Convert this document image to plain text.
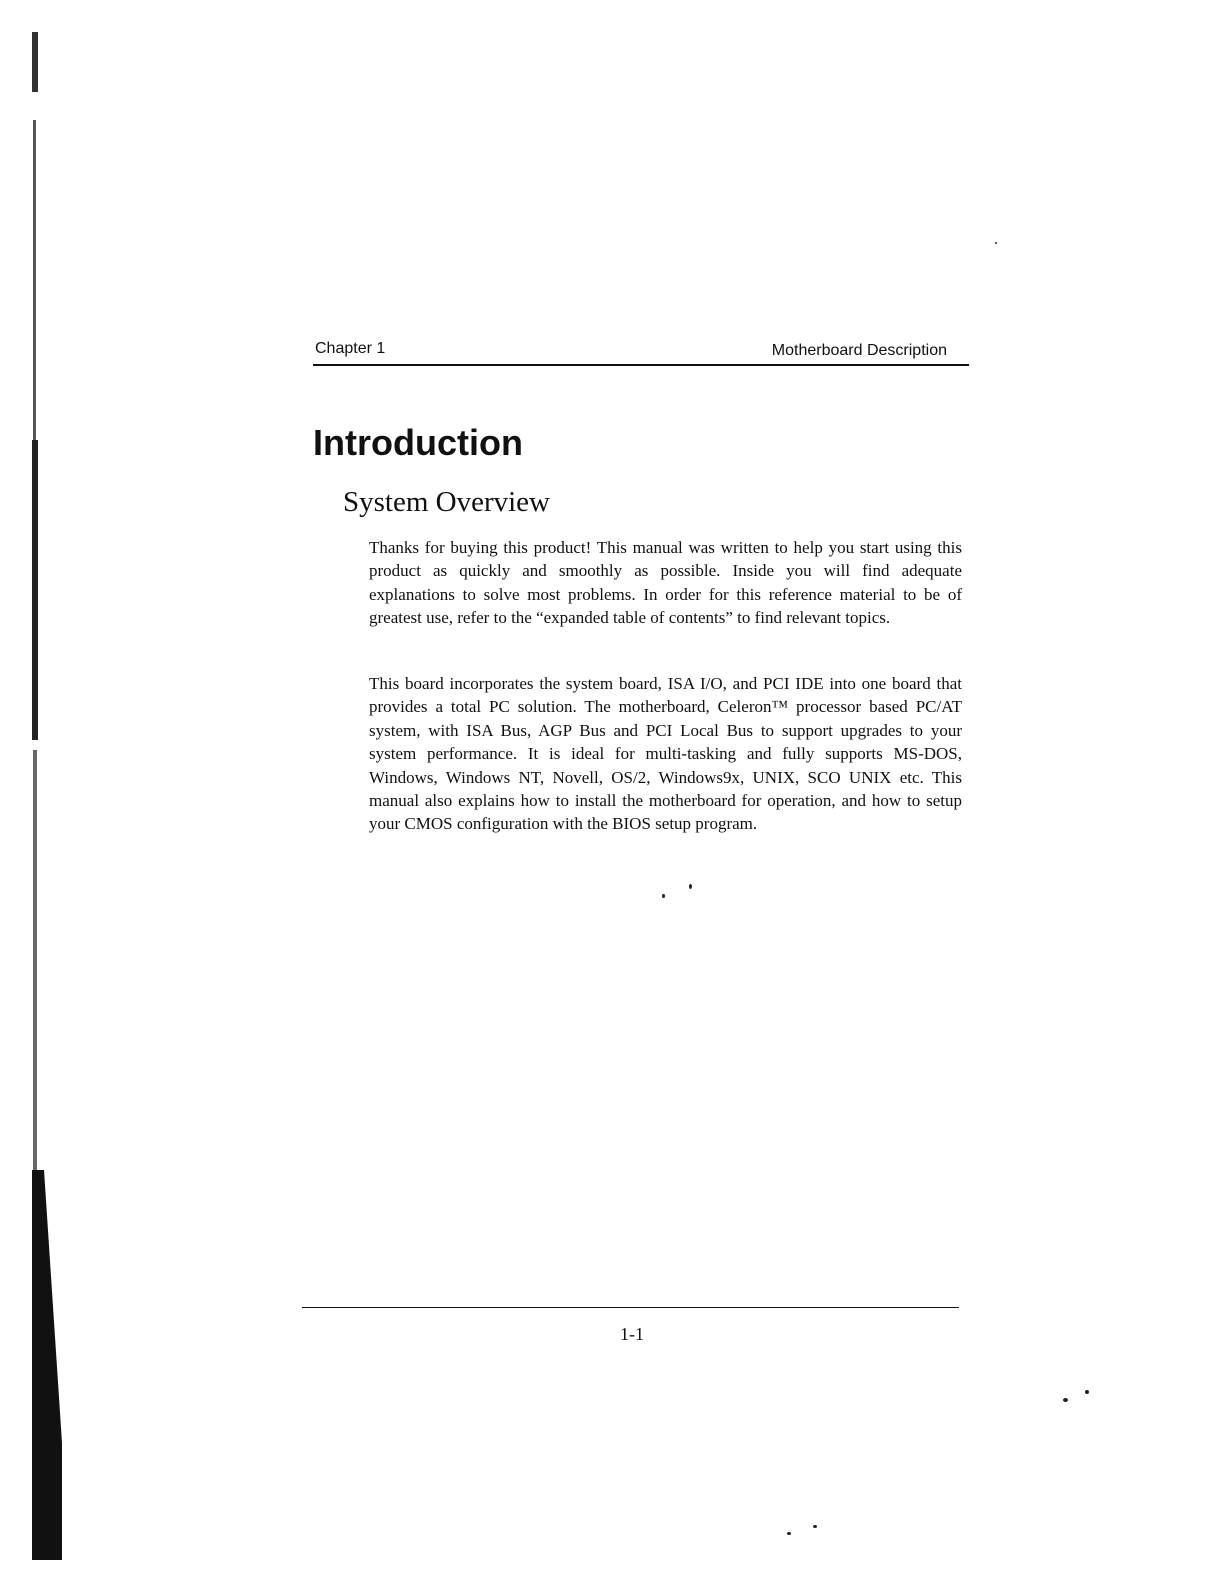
Chapter 1	Motherboard Description
Introduction
System Overview

Thanks for buying this product! This manual was written to help you start using this product as quickly and smoothly as possible. Inside you will find adequate explanations to solve most problems. In order for this reference material to be of greatest use, refer to the “expanded table of contents” to find relevant topics.

This board incorporates the system board, ISA I/O, and PCI IDE into one board that provides a total PC solution. The motherboard, Celeron™ processor based PC/AT system, with ISA Bus, AGP Bus and PCI Local Bus to support upgrades to your system performance. It is ideal for multi-tasking and fully supports MS-DOS, Windows, Windows NT, Novell, OS/2, Windows9x, UNIX, SCO UNIX etc. This manual also explains how to install the motherboard for operation, and how to setup your CMOS configuration with the BIOS setup program.

1-1
